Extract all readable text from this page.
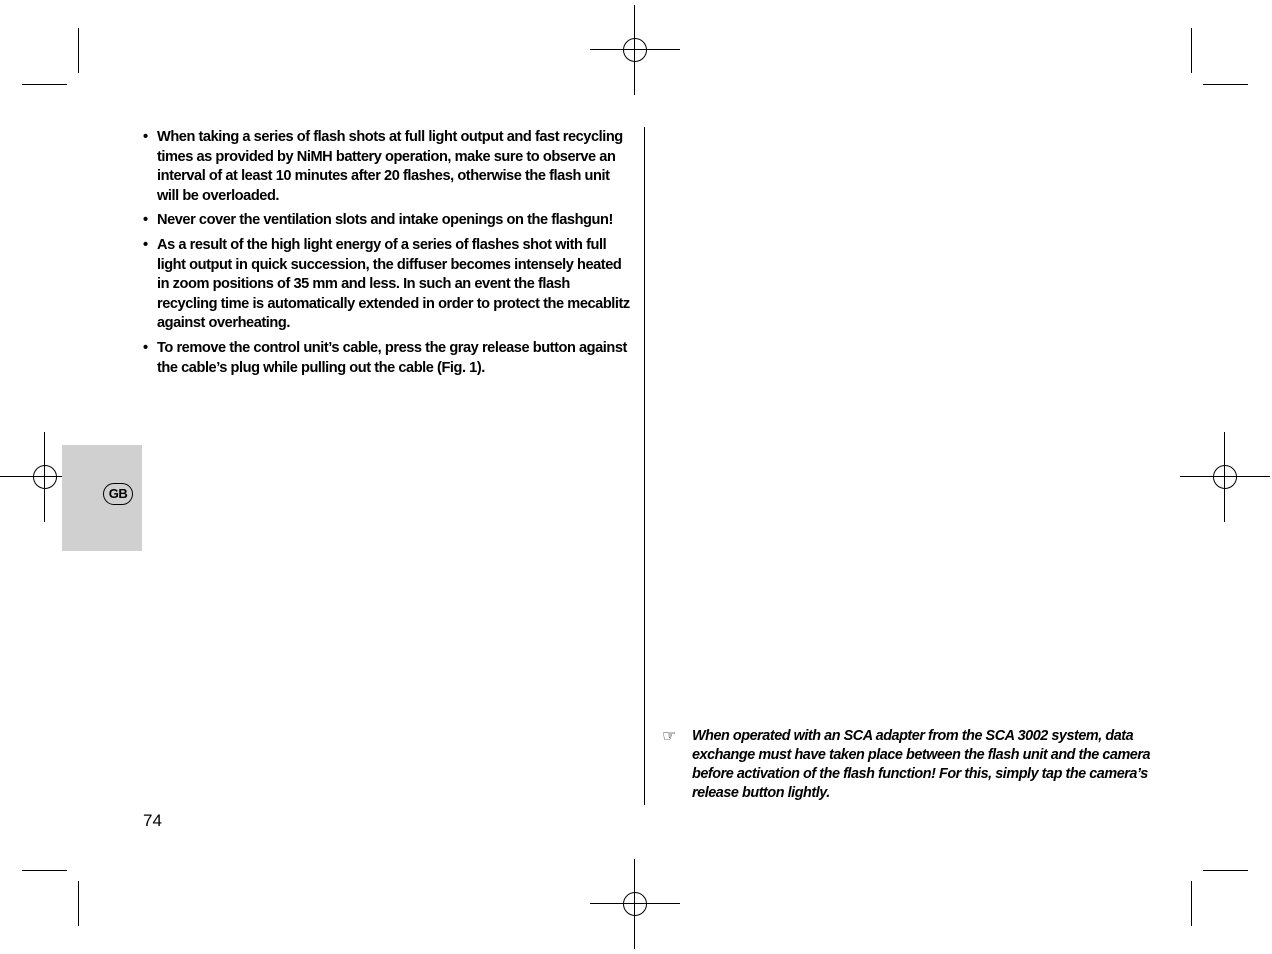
GB
• When taking a series of flash shots at full light output and fast recycling times as provided by NiMH battery operation, make sure to observe an interval of at least 10 minutes after 20 flashes, otherwise the flash unit will be overloaded.
• Never cover the ventilation slots and intake openings on the flashgun!
• As a result of the high light energy of a series of flashes shot with full light output in quick succession, the diffuser becomes intensely heated in zoom positions of 35 mm and less. In such an event the flash recycling time is automatically extended in order to protect the mecablitz against overheating.
• To remove the control unit’s cable, press the gray release button against the cable’s plug while pulling out the cable (Fig. 1).
☞ When operated with an SCA adapter from the SCA 3002 system, data exchange must have taken place between the flash unit and the camera before activation of the flash function! For this, simply tap the camera’s release button lightly.
74
